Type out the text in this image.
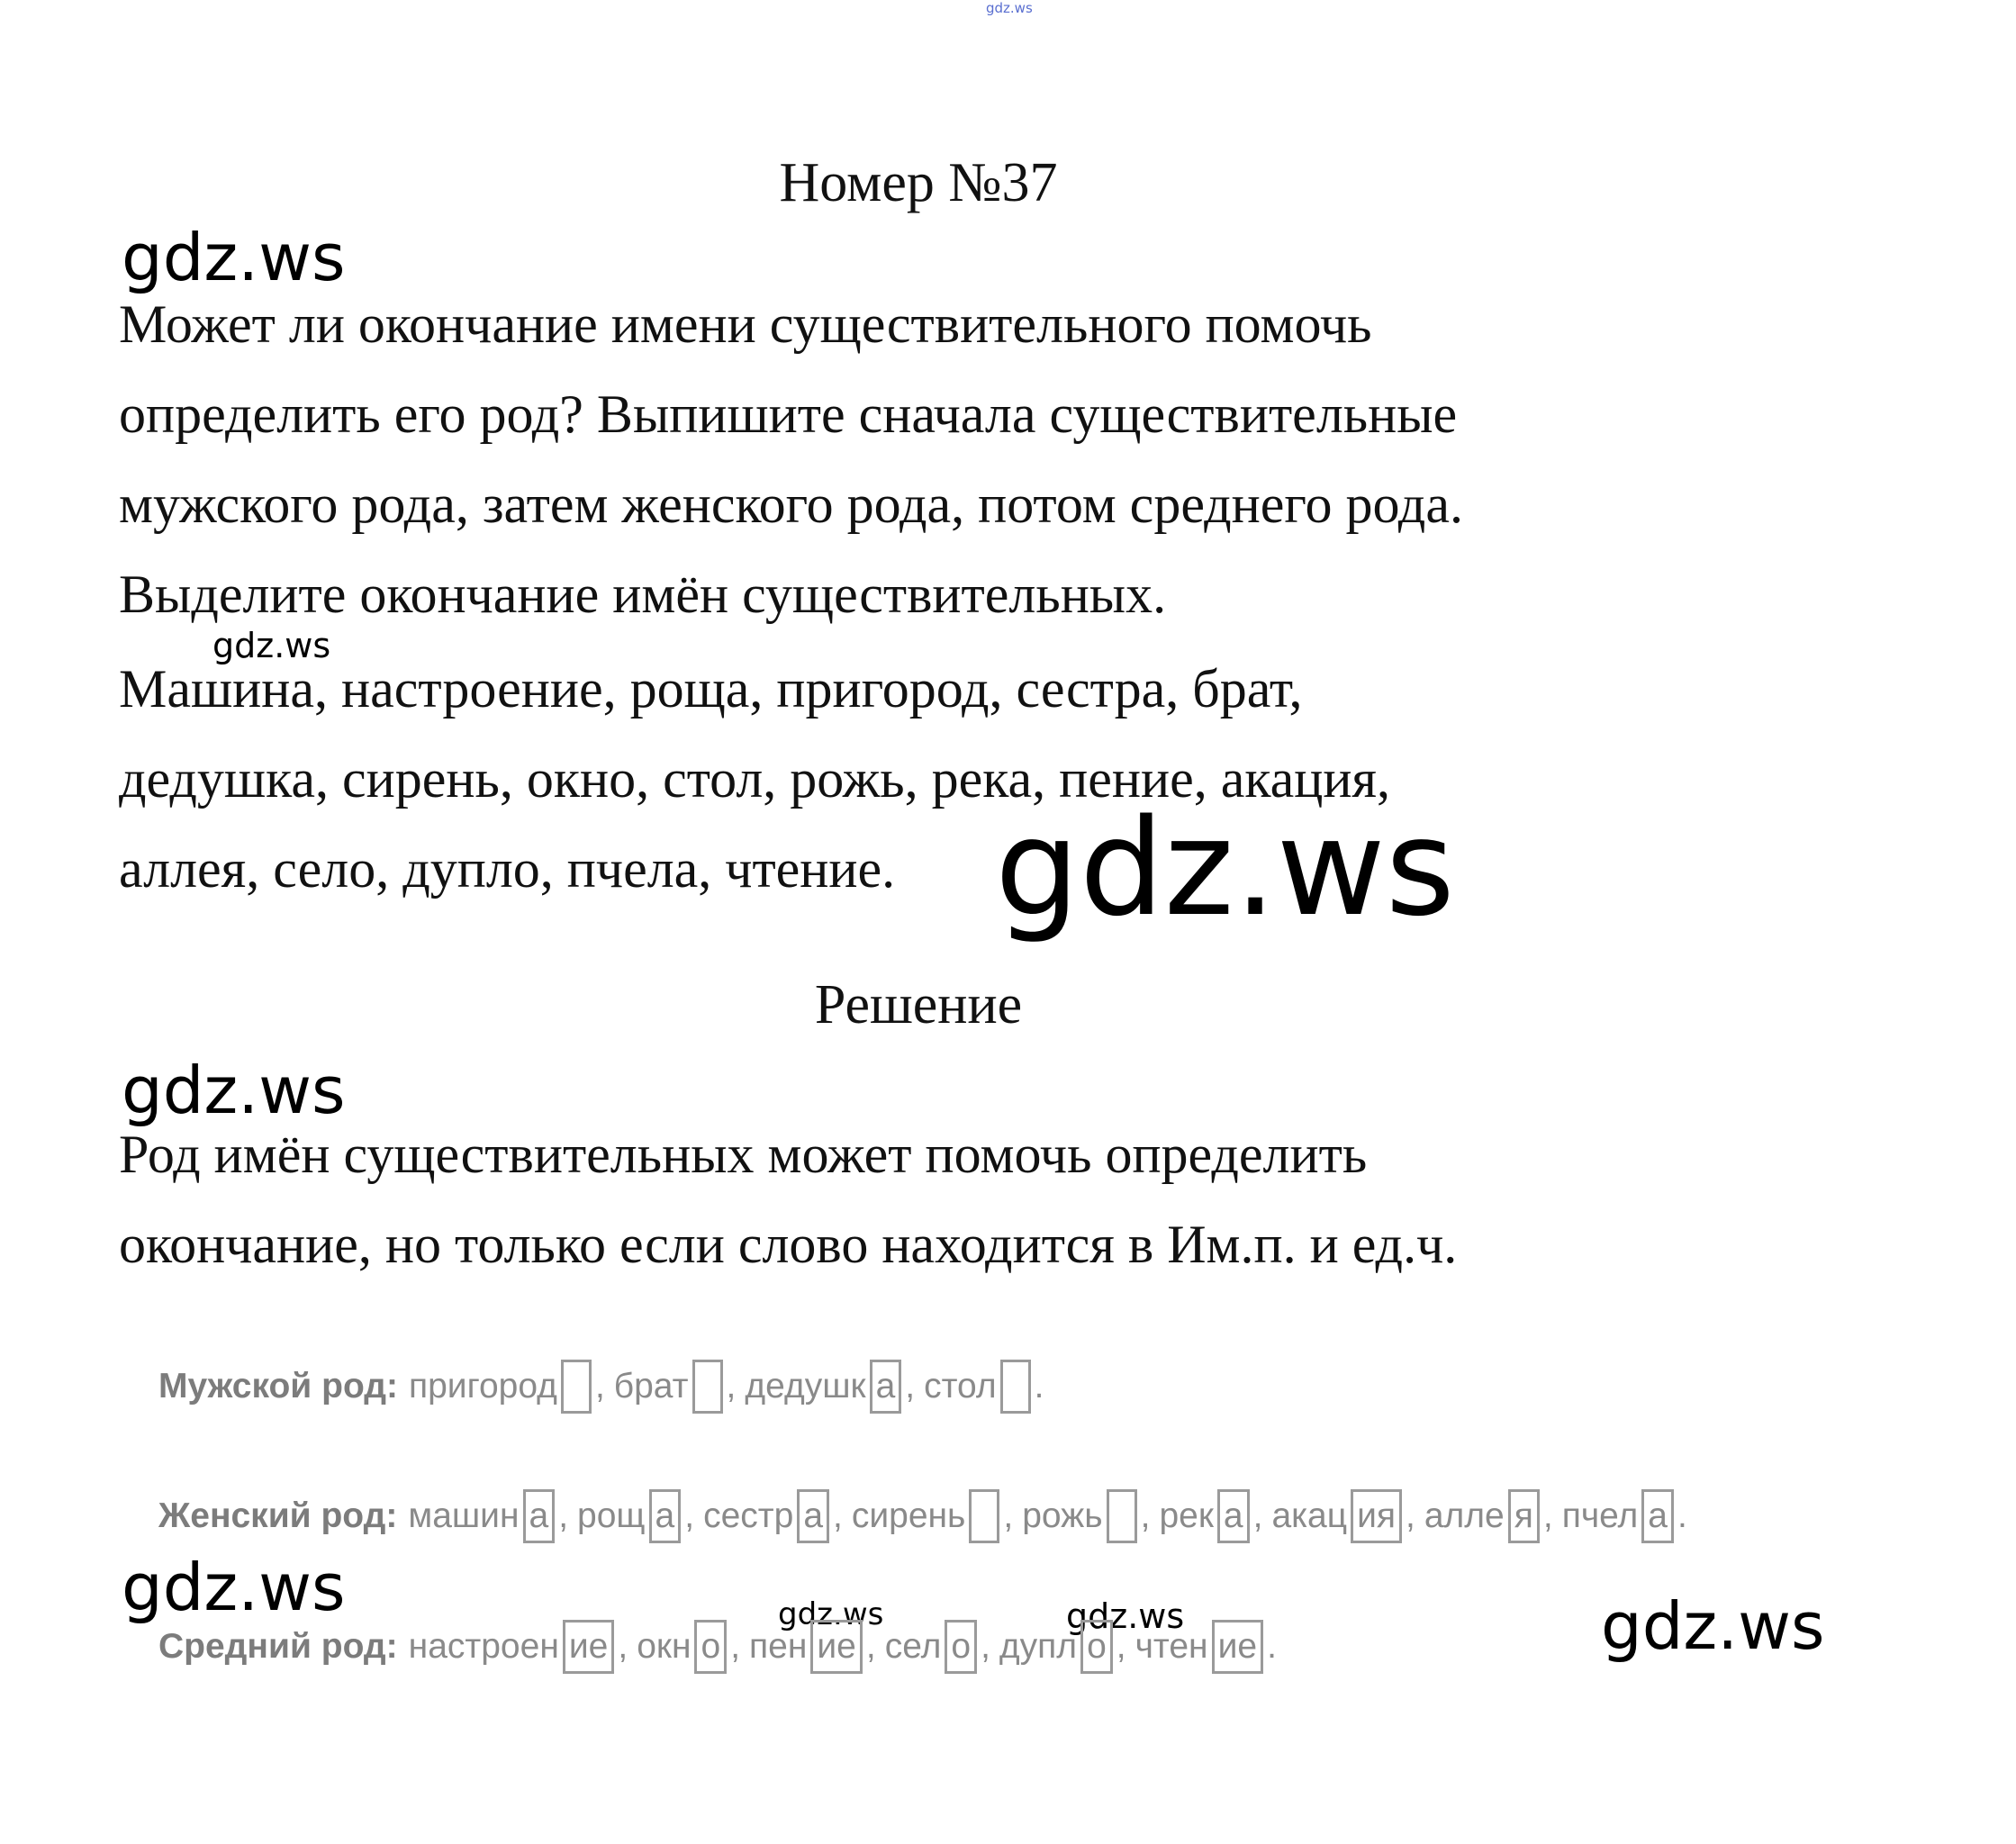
gdz.ws
gdz.ws
gdz.ws
gdz.ws
gdz.ws
gdz.ws	gdz.ws	gdz.ws	gdz.ws
Номер №37
Может ли окончание имени существительного помочь
определить его род? Выпишите сначала существительные
мужского рода, затем женского рода, потом среднего рода.
Выделите окончание имён существительных.
Машина, настроение, роща, пригород, сестра, брат,
дедушка, сирень, окно, стол, рожь, река, пение, акация,
аллея, село, дупло, пчела, чтение.
Решение
Род имён существительных может помочь определить
окончание, но только если слово находится в Им.п. и ед.ч.
Мужской род: пригород , брат , дедушк а , стол .
Женский род: машин а , рощ а , сестр а , сирень , рожь , рек а , акац ия , алле я , пчел а .
Средний род: настроен ие , окн о , пен ие , сел о , дупл о , чтен ие .
